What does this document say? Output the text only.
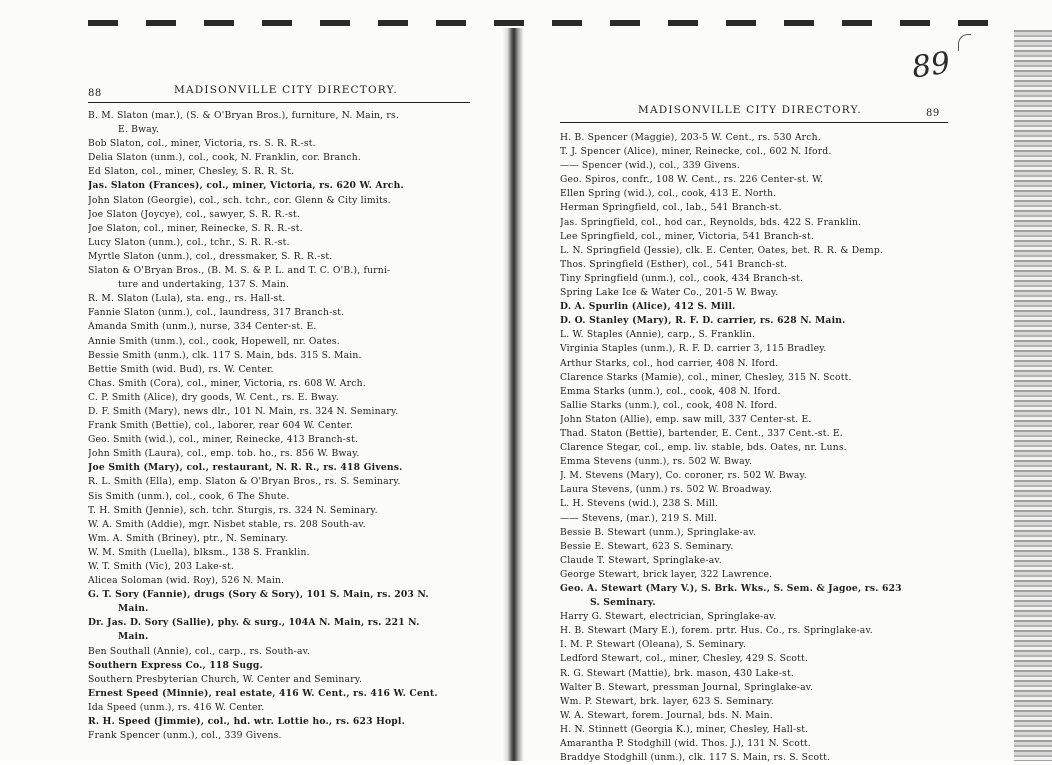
88	MADISONVILLE CITY DIRECTORY.
B. M. Slaton (mar.), (S. & O'Bryan Bros.), furniture, N. Main, rs.
E. Bway.
Bob Slaton, col., miner, Victoria, rs. S. R. R.-st.
Delia Slaton (unm.), col., cook, N. Franklin, cor. Branch.
Ed Slaton, col., miner, Chesley, S. R. R. St.
Jas. Slaton (Frances), col., miner, Victoria, rs. 620 W. Arch.
John Slaton (Georgie), col., sch. tchr., cor. Glenn & City limits.
Joe Slaton (Joycye), col., sawyer, S. R. R.-st.
Joe Slaton, col., miner, Reinecke, S. R. R.-st.
Lucy Slaton (unm.), col., tchr., S. R. R.-st.
Myrtle Slaton (unm.), col., dressmaker, S. R. R.-st.
Slaton & O'Bryan Bros., (B. M. S. & P. L. and T. C. O'B.), furni-
ture and undertaking, 137 S. Main.
R. M. Slaton (Lula), sta. eng., rs. Hall-st.
Fannie Slaton (unm.), col., laundress, 317 Branch-st.
Amanda Smith (unm.), nurse, 334 Center-st. E.
Annie Smith (unm.), col., cook, Hopewell, nr. Oates.
Bessie Smith (unm.), clk. 117 S. Main, bds. 315 S. Main.
Bettie Smith (wid. Bud), rs. W. Center.
Chas. Smith (Cora), col., miner, Victoria, rs. 608 W. Arch.
C. P. Smith (Alice), dry goods, W. Cent., rs. E. Bway.
D. F. Smith (Mary), news dlr., 101 N. Main, rs. 324 N. Seminary.
Frank Smith (Bettie), col., laborer, rear 604 W. Center.
Geo. Smith (wid.), col., miner, Reinecke, 413 Branch-st.
John Smith (Laura), col., emp. tob. ho., rs. 856 W. Bway.
Joe Smith (Mary), col., restaurant, N. R. R., rs. 418 Givens.
R. L. Smith (Ella), emp. Slaton & O'Bryan Bros., rs. S. Seminary.
Sis Smith (unm.), col., cook, 6 The Shute.
T. H. Smith (Jennie), sch. tchr. Sturgis, rs. 324 N. Seminary.
W. A. Smith (Addie), mgr. Nisbet stable, rs. 208 South-av.
Wm. A. Smith (Briney), ptr., N. Seminary.
W. M. Smith (Luella), blksm., 138 S. Franklin.
W. T. Smith (Vic), 203 Lake-st.
Alicea Soloman (wid. Roy), 526 N. Main.
G. T. Sory (Fannie), drugs (Sory & Sory), 101 S. Main, rs. 203 N.
Main.
Dr. Jas. D. Sory (Sallie), phy. & surg., 104A N. Main, rs. 221 N.
Main.
Ben Southall (Annie), col., carp., rs. South-av.
Southern Express Co., 118 Sugg.
Southern Presbyterian Church, W. Center and Seminary.
Ernest Speed (Minnie), real estate, 416 W. Cent., rs. 416 W. Cent.
Ida Speed (unm.), rs. 416 W. Center.
R. H. Speed (Jimmie), col., hd. wtr. Lottie ho., rs. 623 Hopl.
Frank Spencer (unm.), col., 339 Givens.
MADISONVILLE CITY DIRECTORY.	89
H. B. Spencer (Maggie), 203-5 W. Cent., rs. 530 Arch.
T. J. Spencer (Alice), miner, Reinecke, col., 602 N. Iford.
—— Spencer (wid.), col., 339 Givens.
Geo. Spiros, confr., 108 W. Cent., rs. 226 Center-st. W.
Ellen Spring (wid.), col., cook, 413 E. North.
Herman Springfield, col., lab., 541 Branch-st.
Jas. Springfield, col., hod car., Reynolds, bds. 422 S. Franklin.
Lee Springfield, col., miner, Victoria, 541 Branch-st.
L. N. Springfield (Jessie), clk. E. Center, Oates, bet. R. R. & Demp.
Thos. Springfield (Esther), col., 541 Branch-st.
Tiny Springfield (unm.), col., cook, 434 Branch-st.
Spring Lake Ice & Water Co., 201-5 W. Bway.
D. A. Spurlin (Alice), 412 S. Mill.
D. O. Stanley (Mary), R. F. D. carrier, rs. 628 N. Main.
L. W. Staples (Annie), carp., S. Franklin.
Virginia Staples (unm.), R. F. D. carrier 3, 115 Bradley.
Arthur Starks, col., hod carrier, 408 N. Iford.
Clarence Starks (Mamie), col., miner, Chesley, 315 N. Scott.
Emma Starks (unm.), col., cook, 408 N. Iford.
Sallie Starks (unm.), col., cook, 408 N. Iford.
John Staton (Allie), emp. saw mill, 337 Center-st. E.
Thad. Staton (Bettie), bartender, E. Cent., 337 Cent.-st. E.
Clarence Stegar, col., emp. liv. stable, bds. Oates, nr. Luns.
Emma Stevens (unm.), rs. 502 W. Bway.
J. M. Stevens (Mary), Co. coroner, rs. 502 W. Bway.
Laura Stevens, (unm.) rs. 502 W. Broadway.
L. H. Stevens (wid.), 238 S. Mill.
—— Stevens, (mar.), 219 S. Mill.
Bessie B. Stewart (unm.), Springlake-av.
Bessie E. Stewart, 623 S. Seminary.
Claude T. Stewart, Springlake-av.
George Stewart, brick layer, 322 Lawrence.
Geo. A. Stewart (Mary V.), S. Brk. Wks., S. Sem. & Jagoe, rs. 623
S. Seminary.
Harry G. Stewart, electrician, Springlake-av.
H. B. Stewart (Mary E.), forem. prtr. Hus. Co., rs. Springlake-av.
I. M. P. Stewart (Oleana), S. Seminary.
Ledford Stewart, col., miner, Chesley, 429 S. Scott.
R. G. Stewart (Mattie), brk. mason, 430 Lake-st.
Walter B. Stewart, pressman Journal, Springlake-av.
Wm. P. Stewart, brk. layer, 623 S. Seminary.
W. A. Stewart, forem. Journal, bds. N. Main.
H. N. Stinnett (Georgia K.), miner, Chesley, Hall-st.
Amarantha P. Stodghill (wid. Thos. J.), 131 N. Scott.
Braddye Stodghill (unm.), clk. 117 S. Main, rs. S. Scott.
89
